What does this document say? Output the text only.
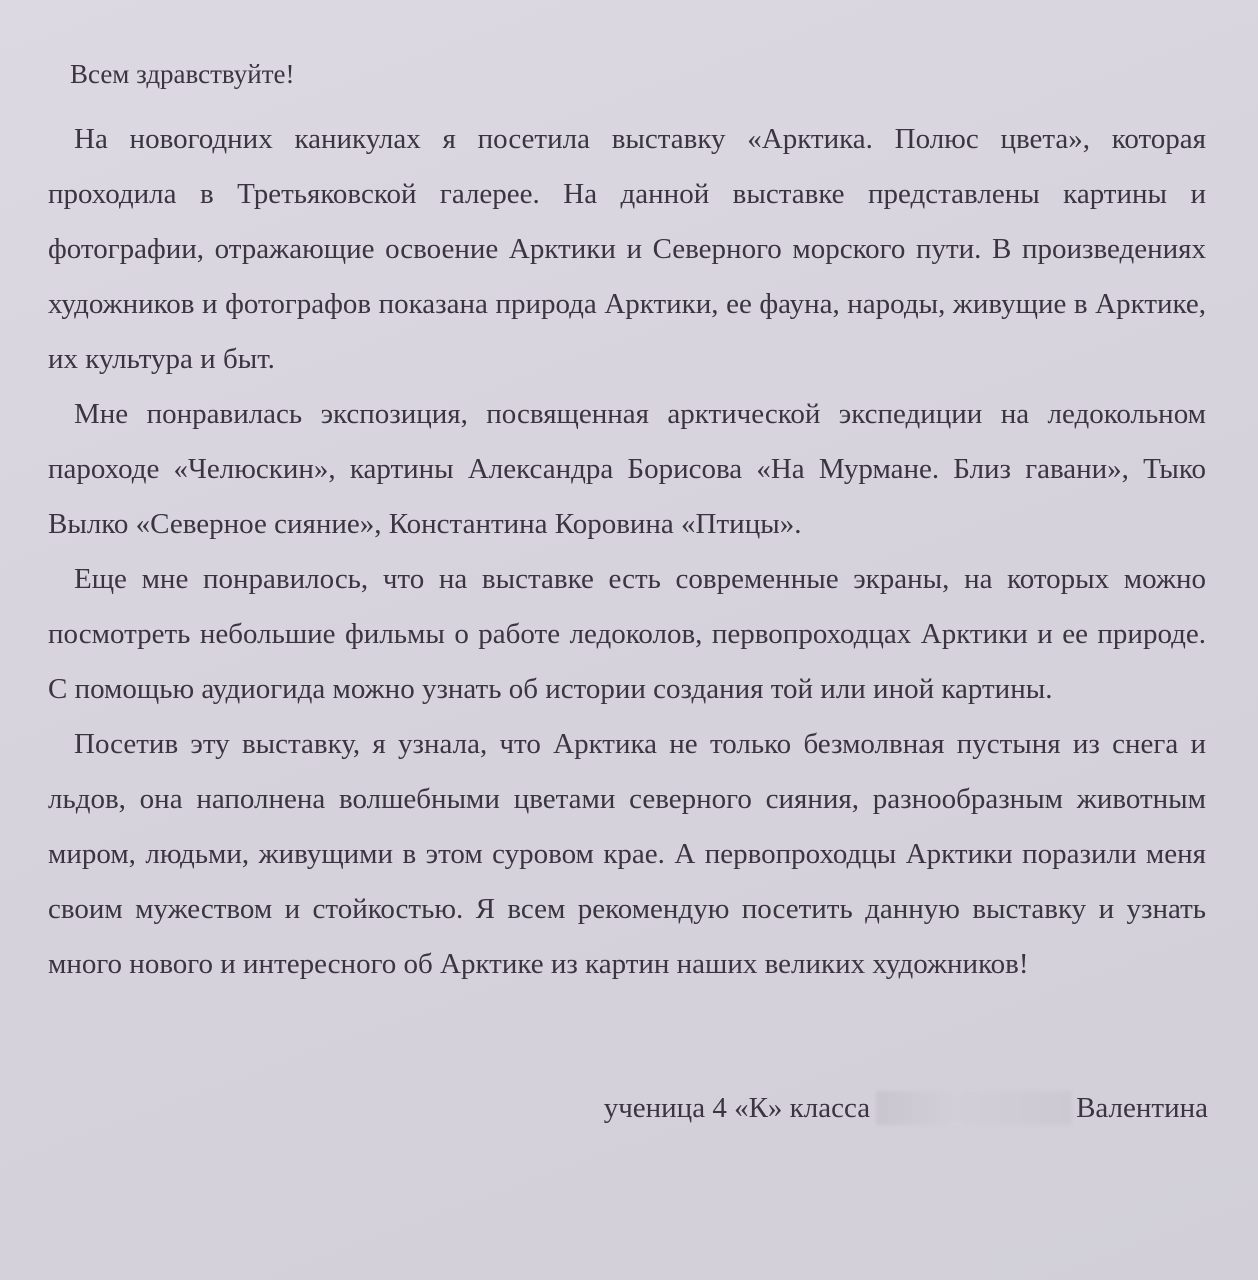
Всем здравствуйте!

На новогодних каникулах я посетила выставку «Арктика. Полюс цвета», которая проходила в Третьяковской галерее. На данной выставке представлены картины и фотографии, отражающие освоение Арктики и Северного морского пути. В произведениях художников и фотографов показана природа Арктики, ее фауна, народы, живущие в Арктике, их культура и быт.

Мне понравилась экспозиция, посвященная арктической экспедиции на ледокольном пароходе «Челюскин», картины Александра Борисова «На Мурмане. Близ гавани», Тыко Вылко «Северное сияние», Константина Коровина «Птицы».

Еще мне понравилось, что на выставке есть современные экраны, на которых можно посмотреть небольшие фильмы о работе ледоколов, первопроходцах Арктики и ее природе. С помощью аудиогида можно узнать об истории создания той или иной картины.

Посетив эту выставку, я узнала, что Арктика не только безмолвная пустыня из снега и льдов, она наполнена волшебными цветами северного сияния, разнообразным животным миром, людьми, живущими в этом суровом крае. А первопроходцы Арктики поразили меня своим мужеством и стойкостью. Я всем рекомендую посетить данную выставку и узнать много нового и интересного об Арктике из картин наших великих художников!

ученица 4 «К» класса	Валентина
